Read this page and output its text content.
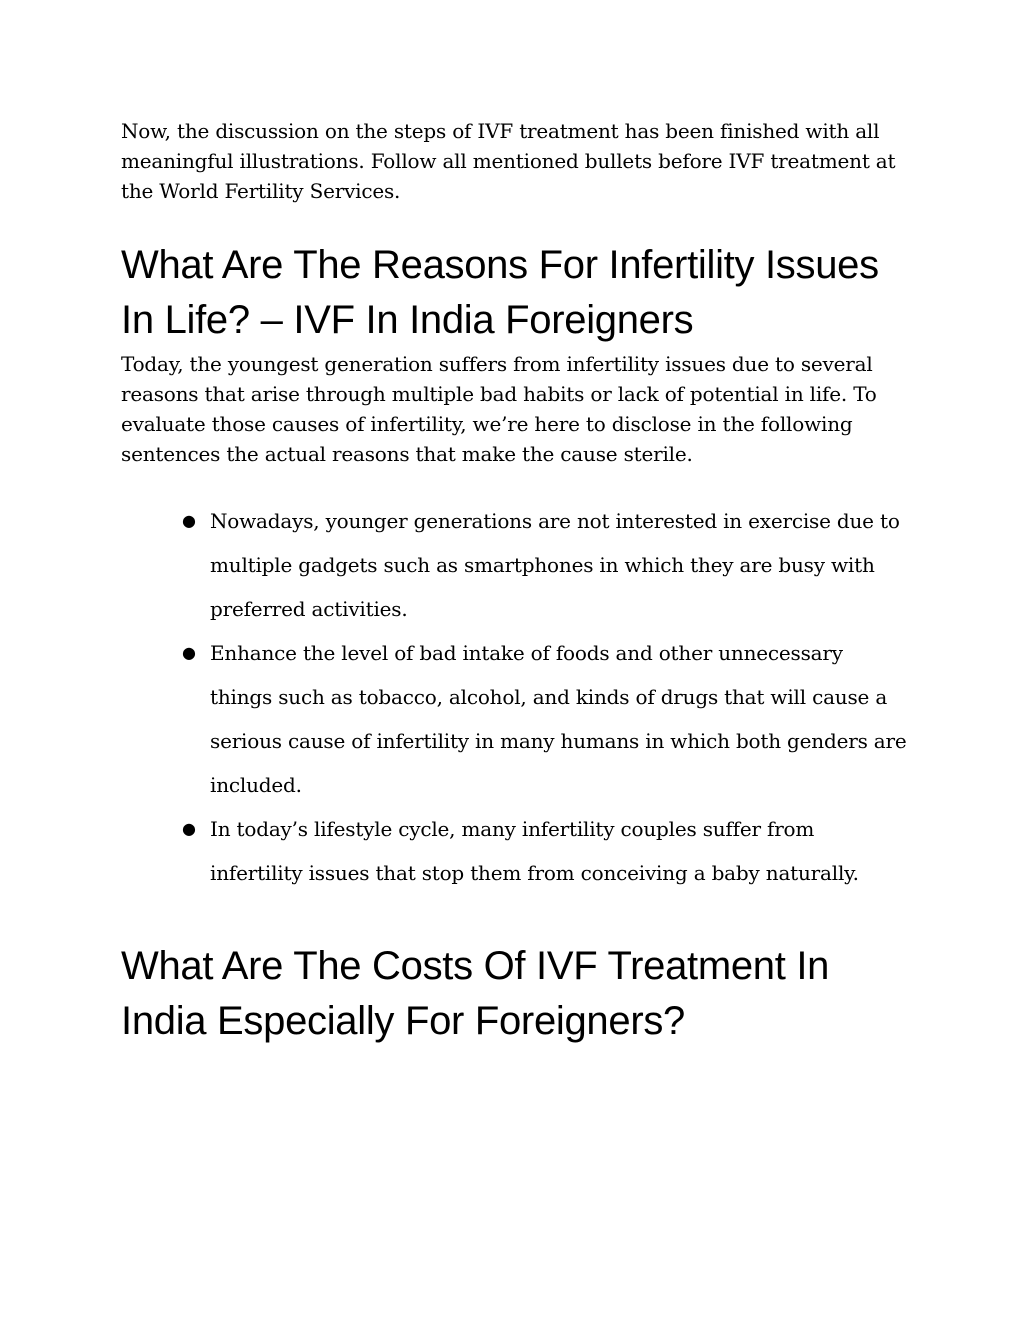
Now, the discussion on the steps of IVF treatment has been finished with all meaningful illustrations. Follow all mentioned bullets before IVF treatment at the World Fertility Services.

What Are The Reasons For Infertility Issues In Life? – IVF In India Foreigners

Today, the youngest generation suffers from infertility issues due to several reasons that arise through multiple bad habits or lack of potential in life. To evaluate those causes of infertility, we’re here to disclose in the following sentences the actual reasons that make the cause sterile.

● Nowadays, younger generations are not interested in exercise due to multiple gadgets such as smartphones in which they are busy with preferred activities.
● Enhance the level of bad intake of foods and other unnecessary things such as tobacco, alcohol, and kinds of drugs that will cause a serious cause of infertility in many humans in which both genders are included.
● In today’s lifestyle cycle, many infertility couples suffer from infertility issues that stop them from conceiving a baby naturally.
What Are The Costs Of IVF Treatment In India Especially For Foreigners?
